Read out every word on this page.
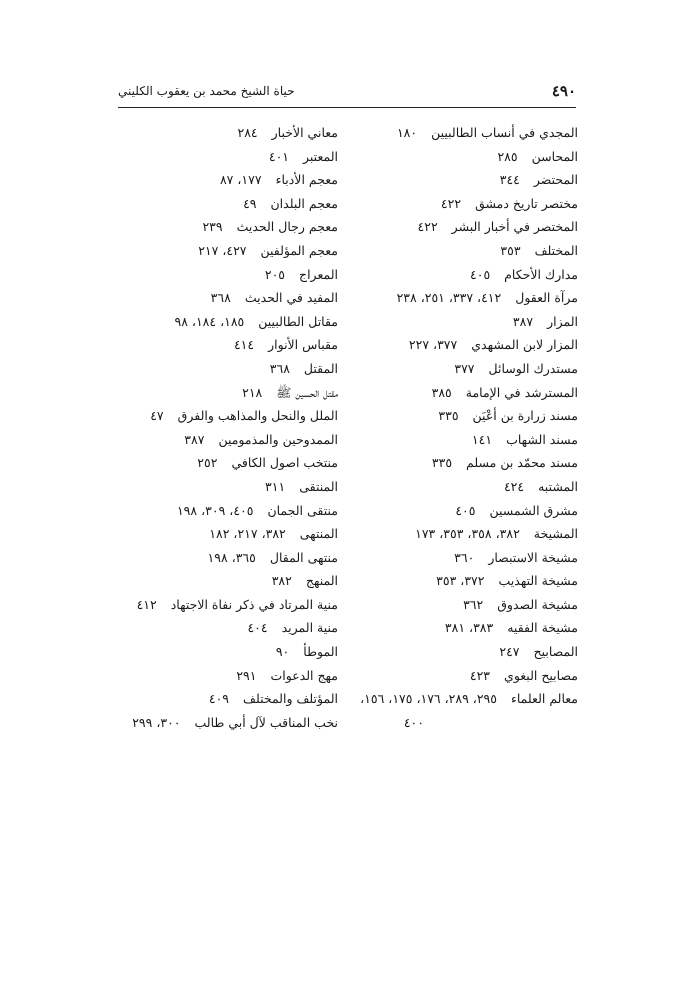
٤٩٠
حياة الشيخ محمد بن يعقوب الكليني
المجدي في أنساب الطالبيين١٨٠
المحاسن٢٨٥
المحتضر٣٤٤
مختصر تاريخ دمشق٤٢٢
المختصر في أخبار البشر٤٢٢
المختلف٣٥٣
مدارك الأحكام٤٠٥
مرآة العقول٤١٢، ٣٣٧، ٢٥١، ٢٣٨
المزار٣٨٧
المزار لابن المشهدي٣٧٧، ٢٢٧
مستدرك الوسائل٣٧٧
المسترشد في الإمامة٣٨٥
مسند زرارة بن أعْيَن٣٣٥
مسند الشهاب١٤١
مسند محمّد بن مسلم٣٣٥
المشتبه٤٢٤
مشرق الشمسين٤٠٥
المشيخة٣٨٢، ٣٥٨، ٣٥٣، ١٧٣
مشيخة الاستبصار٣٦٠
مشيخة التهذيب٣٧٢، ٣٥٣
مشيخة الصدوق٣٦٢
مشيخة الفقيه٣٨٣، ٣٨١
المصابيح٢٤٧
مصابيح البغوي٤٢٣
معالم العلماء٢٩٥، ٢٨٩، ١٧٦، ١٧٥، ١٥٦،
٤٠٠
معاني الأخبار٢٨٤
المعتبر٤٠١
معجم الأدباء١٧٧، ٨٧
معجم البلدان٤٩
معجم رجال الحديث٢٣٩
معجم المؤلفين٤٢٧، ٢١٧
المعراج٢٠٥
المفيد في الحديث٣٦٨
مقاتل الطالبيين١٨٥، ١٨٤، ٩٨
مقباس الأنوار٤١٤
المقتل٣٦٨
مقتل الحسين ﷺ٢١٨
الملل والنحل والمذاهب والفرق٤٧
الممدوحين والمذمومين٣٨٧
منتخب اصول الكافي٢٥٢
المنتقى٣١١
منتقى الجمان٤٠٥، ٣٠٩، ١٩٨
المنتهى٣٨٢، ٢١٧، ١٨٢
منتهى المقال٣٦٥، ١٩٨
المنهج٣٨٢
منية المرتاد في ذكر نفاة الاجتهاد٤١٢
منية المريد٤٠٤
الموطأ٩٠
مهج الدعوات٢٩١
المؤتلف والمختلف٤٠٩
نخب المناقب لآل أبي طالب٣٠٠، ٢٩٩
